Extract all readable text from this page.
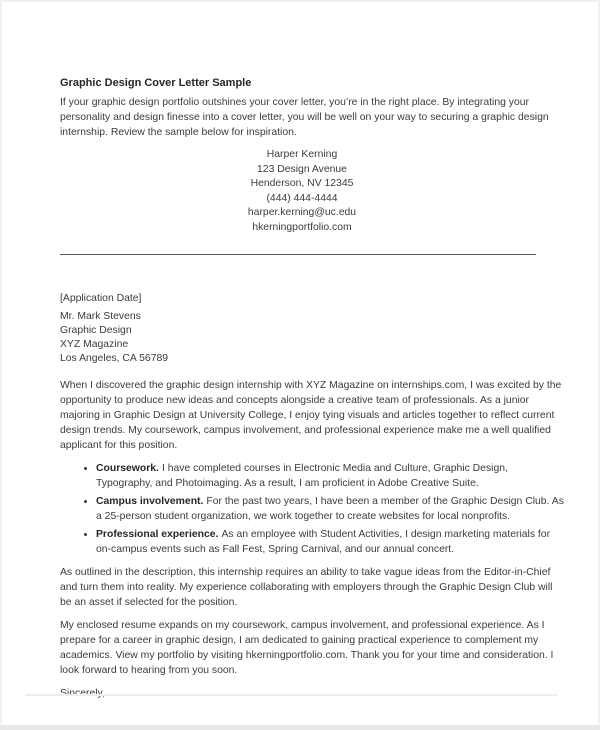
Graphic Design Cover Letter Sample

If your graphic design portfolio outshines your cover letter, you’re in the right place. By integrating your personality and design finesse into a cover letter, you will be well on your way to securing a graphic design internship. Review the sample below for inspiration.

Harper Kerning
123 Design Avenue
Henderson, NV 12345
(444) 444-4444
harper.kerning@uc.edu
hkerningportfolio.com

[Application Date]

Mr. Mark Stevens
Graphic Design
XYZ Magazine
Los Angeles, CA 56789

When I discovered the graphic design internship with XYZ Magazine on internships.com, I was excited by the opportunity to produce new ideas and concepts alongside a creative team of professionals. As a junior majoring in Graphic Design at University College, I enjoy tying visuals and articles together to reflect current design trends. My coursework, campus involvement, and professional experience make me a well qualified applicant for this position.

• Coursework. I have completed courses in Electronic Media and Culture, Graphic Design, Typography, and Photoimaging. As a result, I am proficient in Adobe Creative Suite.
• Campus involvement. For the past two years, I have been a member of the Graphic Design Club. As a 25-person student organization, we work together to create websites for local nonprofits.
• Professional experience. As an employee with Student Activities, I design marketing materials for on-campus events such as Fall Fest, Spring Carnival, and our annual concert.

As outlined in the description, this internship requires an ability to take vague ideas from the Editor-in-Chief and turn them into reality. My experience collaborating with employers through the Graphic Design Club will be an asset if selected for the position.

My enclosed resume expands on my coursework, campus involvement, and professional experience. As I prepare for a career in graphic design, I am dedicated to gaining practical experience to complement my academics. View my portfolio by visiting hkerningportfolio.com. Thank you for your time and consideration. I look forward to hearing from you soon.

Sincerely,
